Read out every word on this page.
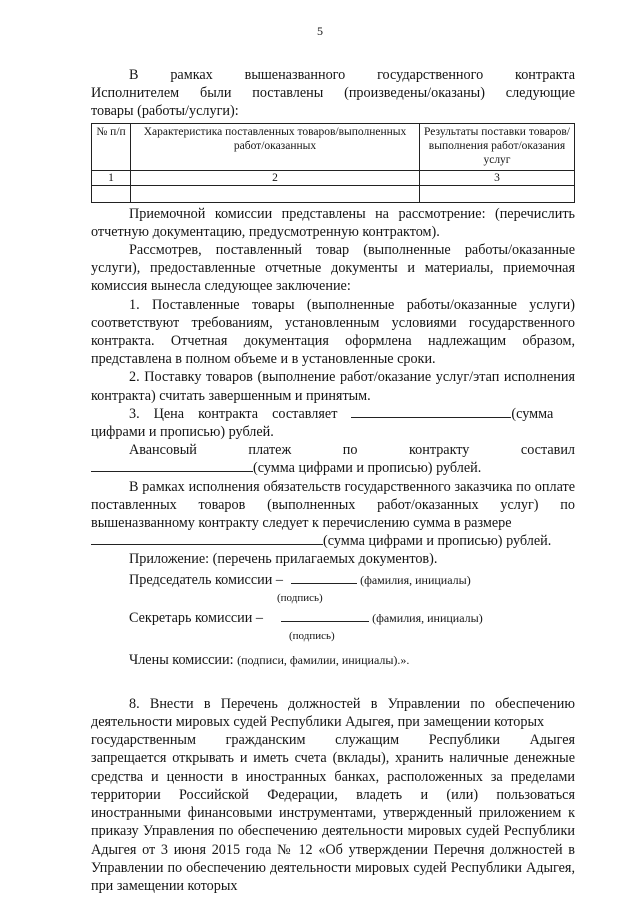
5

В рамках вышеназванного государственного контракта

Исполнителем были поставлены (произведены/оказаны) следующие

товары (работы/услуги):

№ п/п	Характеристика поставленных товаров/выполненных работ/оказанных	Результаты поставки товаров/выполнения работ/оказания услуг
1	2	3

Приемочной комиссии представлены на рассмотрение: (перечислить отчетную документацию, предусмотренную контрактом).

Рассмотрев, поставленный товар (выполненные работы/оказанные услуги), предоставленные отчетные документы и материалы, приемочная комиссия вынесла следующее заключение:

1. Поставленные товары (выполненные работы/оказанные услуги) соответствуют требованиям, установленным условиями государственного контракта. Отчетная документация оформлена надлежащим образом, представлена в полном объеме и в установленные сроки.

2. Поставку товаров (выполнение работ/оказание услуг/этап исполнения контракта) считать завершенным и принятым.

3. Цена контракта составляет	(сумма

цифрами и прописью) рублей.

Авансовый	платеж	по	контракту	составил

(сумма цифрами и прописью) рублей.

В рамках исполнения обязательств государственного заказчика по оплате поставленных товаров (выполненных работ/оказанных услуг) по вышеназванному контракту следует к перечислению сумма в размере

(сумма цифрами и прописью) рублей.

Приложение: (перечень прилагаемых документов).

Председатель комиссии –	(фамилия, инициалы)
(подпись)
Секретарь комиссии –	(фамилия, инициалы)
(подпись)

Члены комиссии: (подписи, фамилии, инициалы).».

8. Внести в Перечень должностей в Управлении по обеспечению деятельности мировых судей Республики Адыгея, при замещении которых

государственным гражданским служащим Республики Адыгея

запрещается открывать и иметь счета (вклады), хранить наличные денежные средства и ценности в иностранных банках, расположенных за пределами территории Российской Федерации, владеть и (или) пользоваться иностранными финансовыми инструментами, утвержденный приложением к приказу Управления по обеспечению деятельности мировых судей Республики Адыгея от 3 июня 2015 года № 12 «Об утверждении Перечня должностей в Управлении по обеспечению деятельности мировых судей Республики Адыгея, при замещении которых
